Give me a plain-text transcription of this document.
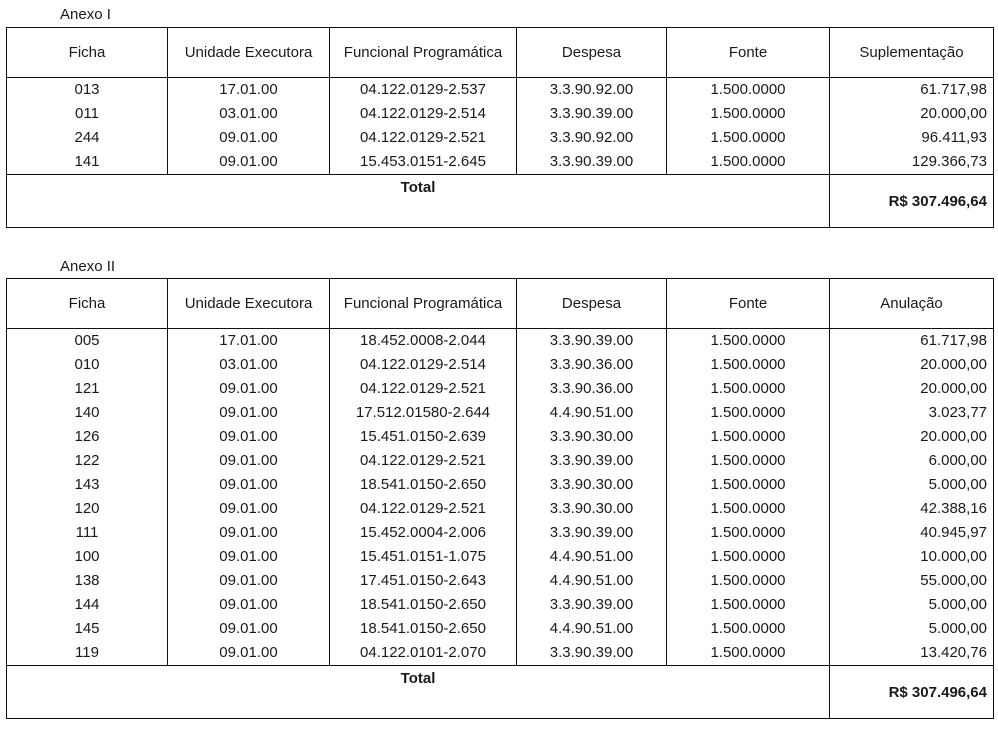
Anexo I
Ficha	Unidade Executora	Funcional Programática	Despesa	Fonte	Suplementação
013	17.01.00	04.122.0129-2.537	3.3.90.92.00	1.500.0000	61.717,98
011	03.01.00	04.122.0129-2.514	3.3.90.39.00	1.500.0000	20.000,00
244	09.01.00	04.122.0129-2.521	3.3.90.92.00	1.500.0000	96.411,93
141	09.01.00	15.453.0151-2.645	3.3.90.39.00	1.500.0000	129.366,73
Total					R$ 307.496,64
Anexo II
Ficha	Unidade Executora	Funcional Programática	Despesa	Fonte	Anulação
005	17.01.00	18.452.0008-2.044	3.3.90.39.00	1.500.0000	61.717,98
010	03.01.00	04.122.0129-2.514	3.3.90.36.00	1.500.0000	20.000,00
121	09.01.00	04.122.0129-2.521	3.3.90.36.00	1.500.0000	20.000,00
140	09.01.00	17.512.01580-2.644	4.4.90.51.00	1.500.0000	3.023,77
126	09.01.00	15.451.0150-2.639	3.3.90.30.00	1.500.0000	20.000,00
122	09.01.00	04.122.0129-2.521	3.3.90.39.00	1.500.0000	6.000,00
143	09.01.00	18.541.0150-2.650	3.3.90.30.00	1.500.0000	5.000,00
120	09.01.00	04.122.0129-2.521	3.3.90.30.00	1.500.0000	42.388,16
111	09.01.00	15.452.0004-2.006	3.3.90.39.00	1.500.0000	40.945,97
100	09.01.00	15.451.0151-1.075	4.4.90.51.00	1.500.0000	10.000,00
138	09.01.00	17.451.0150-2.643	4.4.90.51.00	1.500.0000	55.000,00
144	09.01.00	18.541.0150-2.650	3.3.90.39.00	1.500.0000	5.000,00
145	09.01.00	18.541.0150-2.650	4.4.90.51.00	1.500.0000	5.000,00
119	09.01.00	04.122.0101-2.070	3.3.90.39.00	1.500.0000	13.420,76
Total					R$ 307.496,64
